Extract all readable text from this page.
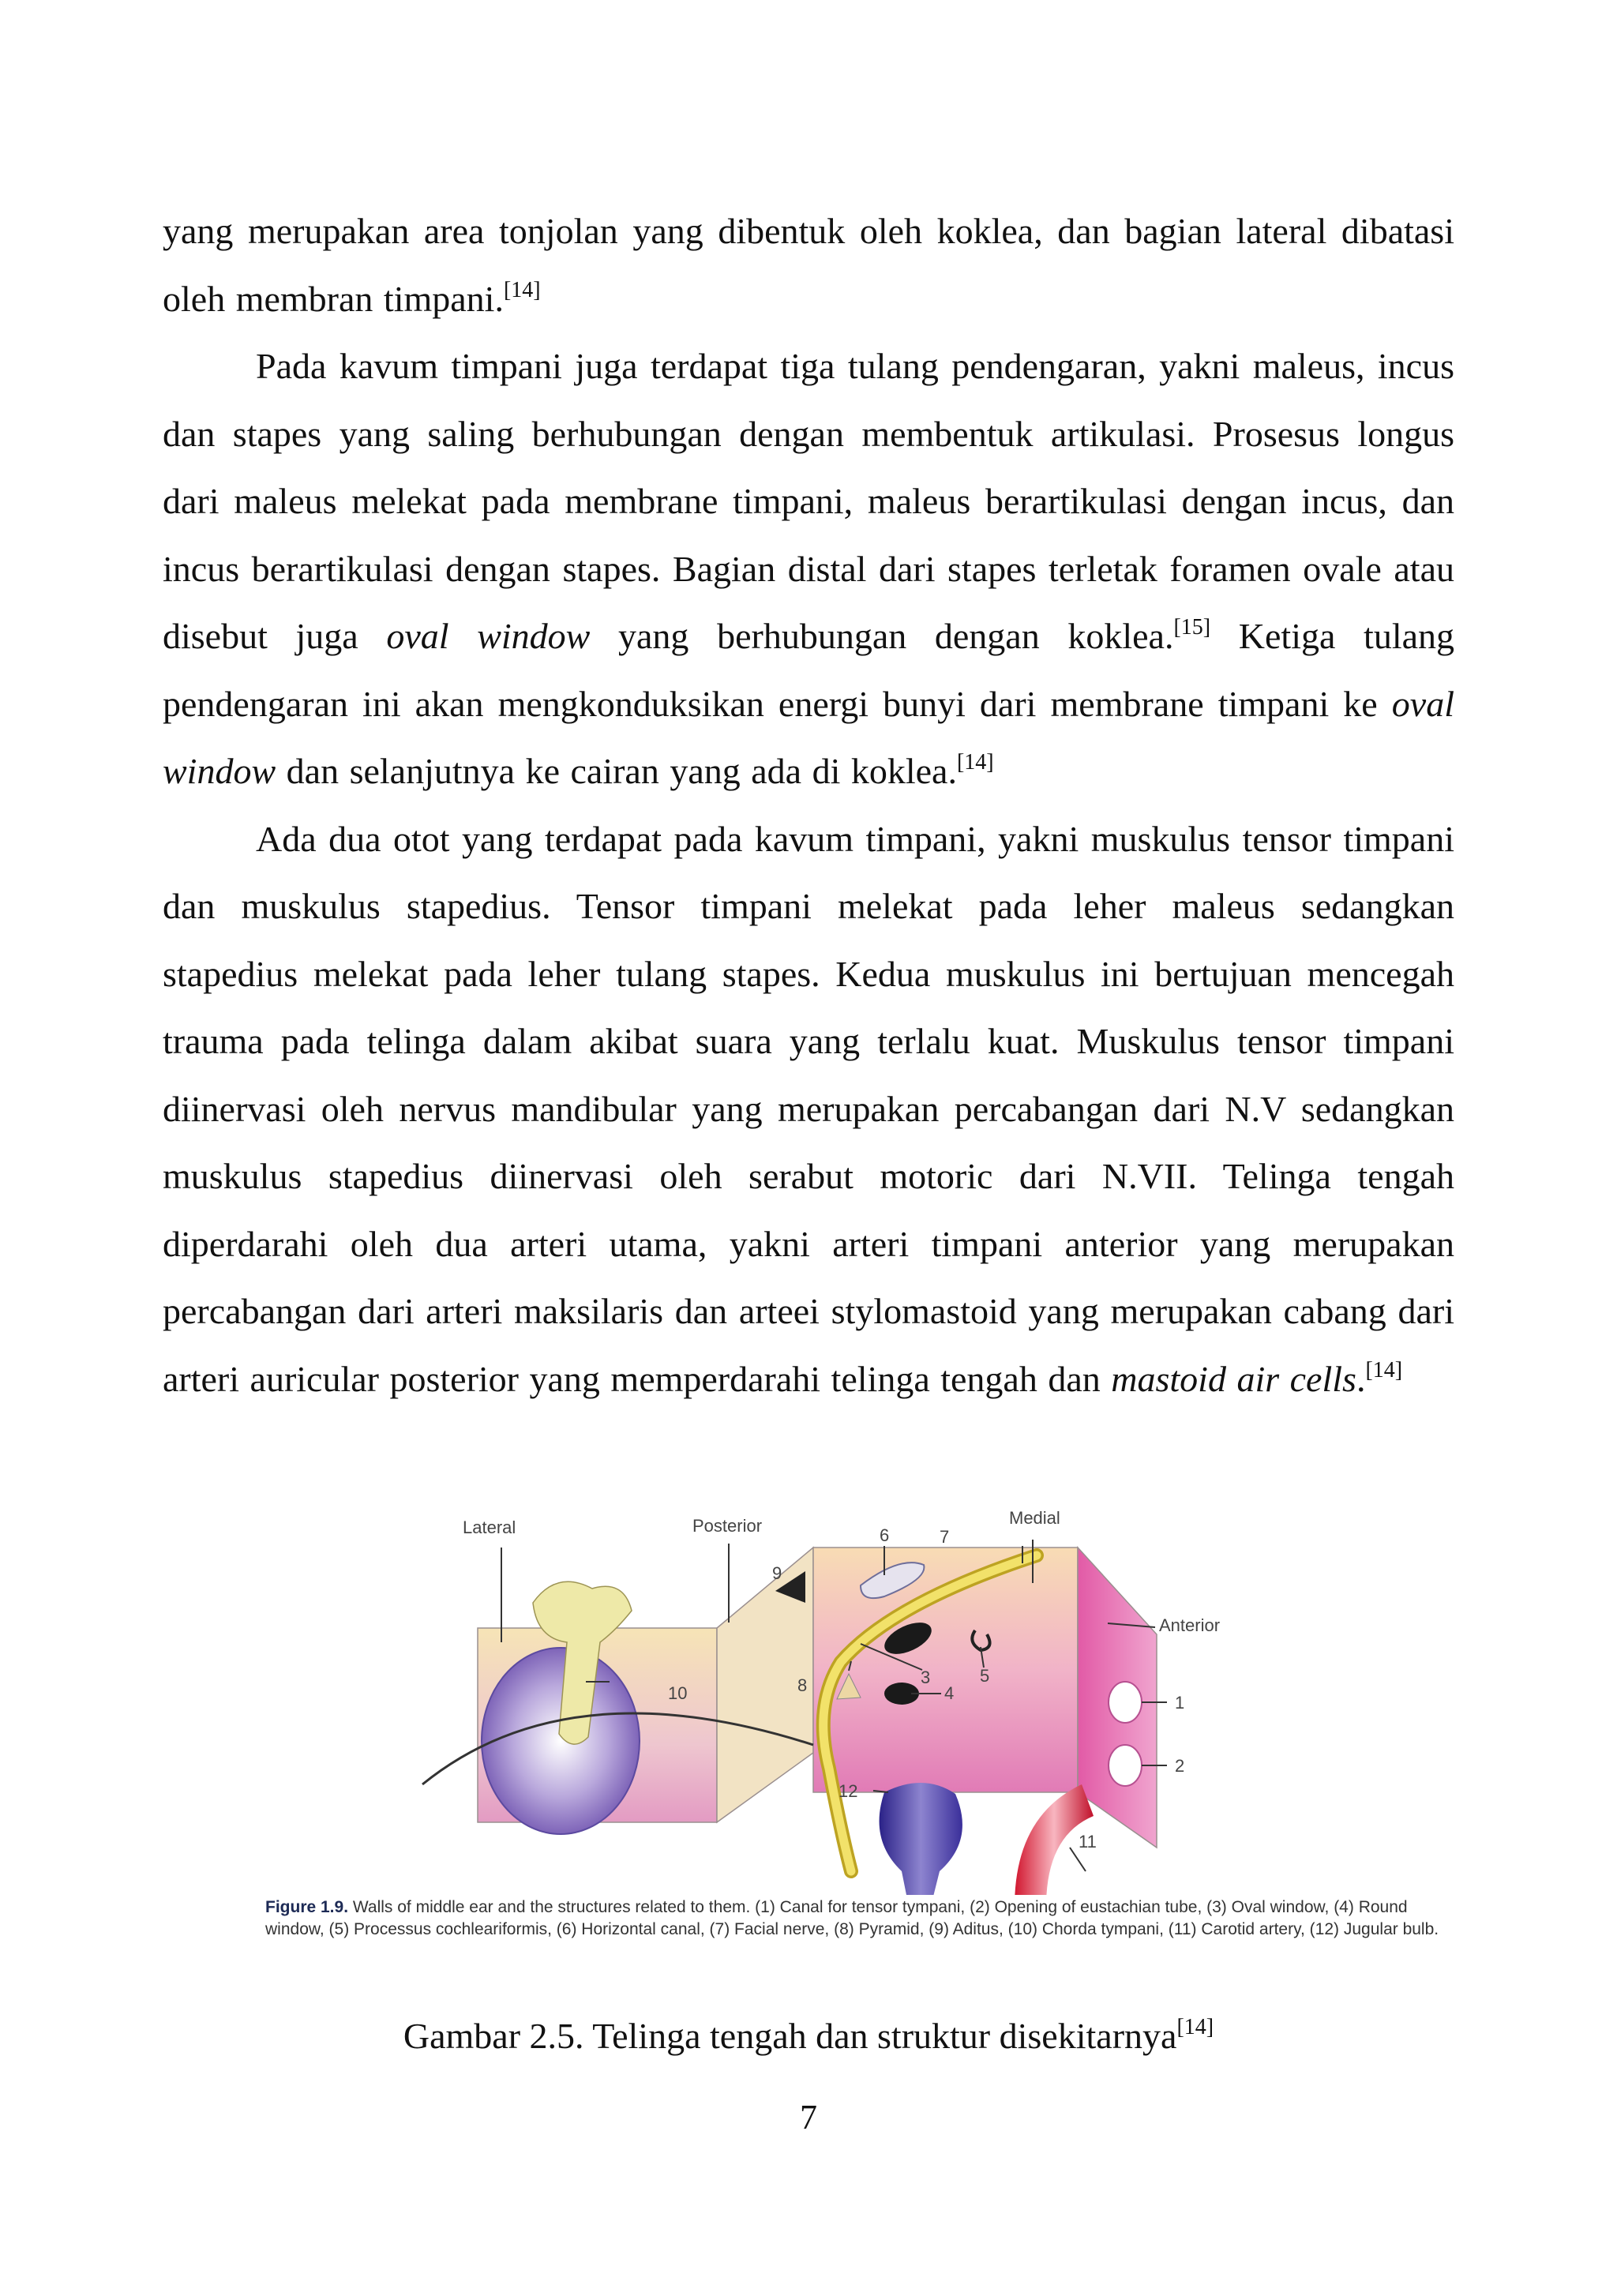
yang merupakan area tonjolan yang dibentuk oleh koklea, dan bagian lateral dibatasi oleh membran timpani.[14]

Pada kavum timpani juga terdapat tiga tulang pendengaran, yakni maleus, incus dan stapes yang saling berhubungan dengan membentuk artikulasi. Prosesus longus dari maleus melekat pada membrane timpani, maleus berartikulasi dengan incus, dan incus berartikulasi dengan stapes. Bagian distal dari stapes terletak foramen ovale atau disebut juga oval window yang berhubungan dengan koklea.[15] Ketiga tulang pendengaran ini akan mengkonduksikan energi bunyi dari membrane timpani ke oval window dan selanjutnya ke cairan yang ada di koklea.[14]

Ada dua otot yang terdapat pada kavum timpani, yakni muskulus tensor timpani dan muskulus stapedius. Tensor timpani melekat pada leher maleus sedangkan stapedius melekat pada leher tulang stapes. Kedua muskulus ini bertujuan mencegah trauma pada telinga dalam akibat suara yang terlalu kuat. Muskulus tensor timpani diinervasi oleh nervus mandibular yang merupakan percabangan dari N.V sedangkan muskulus stapedius diinervasi oleh serabut motoric dari N.VII. Telinga tengah diperdarahi oleh dua arteri utama, yakni arteri timpani anterior yang merupakan percabangan dari arteri maksilaris dan arteei stylomastoid yang merupakan cabang dari arteri auricular posterior yang memperdarahi telinga tengah dan mastoid air cells.[14]

Lateral	Posterior	Medial
Anterior
1
2
3
4
5
6	7
8
9
10
11
12
Figure 1.9. Walls of middle ear and the structures related to them. (1) Canal for tensor tympani, (2) Opening of eustachian tube, (3) Oval window, (4) Round window, (5) Processus cochleariformis, (6) Horizontal canal, (7) Facial nerve, (8) Pyramid, (9) Aditus, (10) Chorda tympani, (11) Carotid artery, (12) Jugular bulb.
Gambar 2.5. Telinga tengah dan struktur disekitarnya[14]
7
